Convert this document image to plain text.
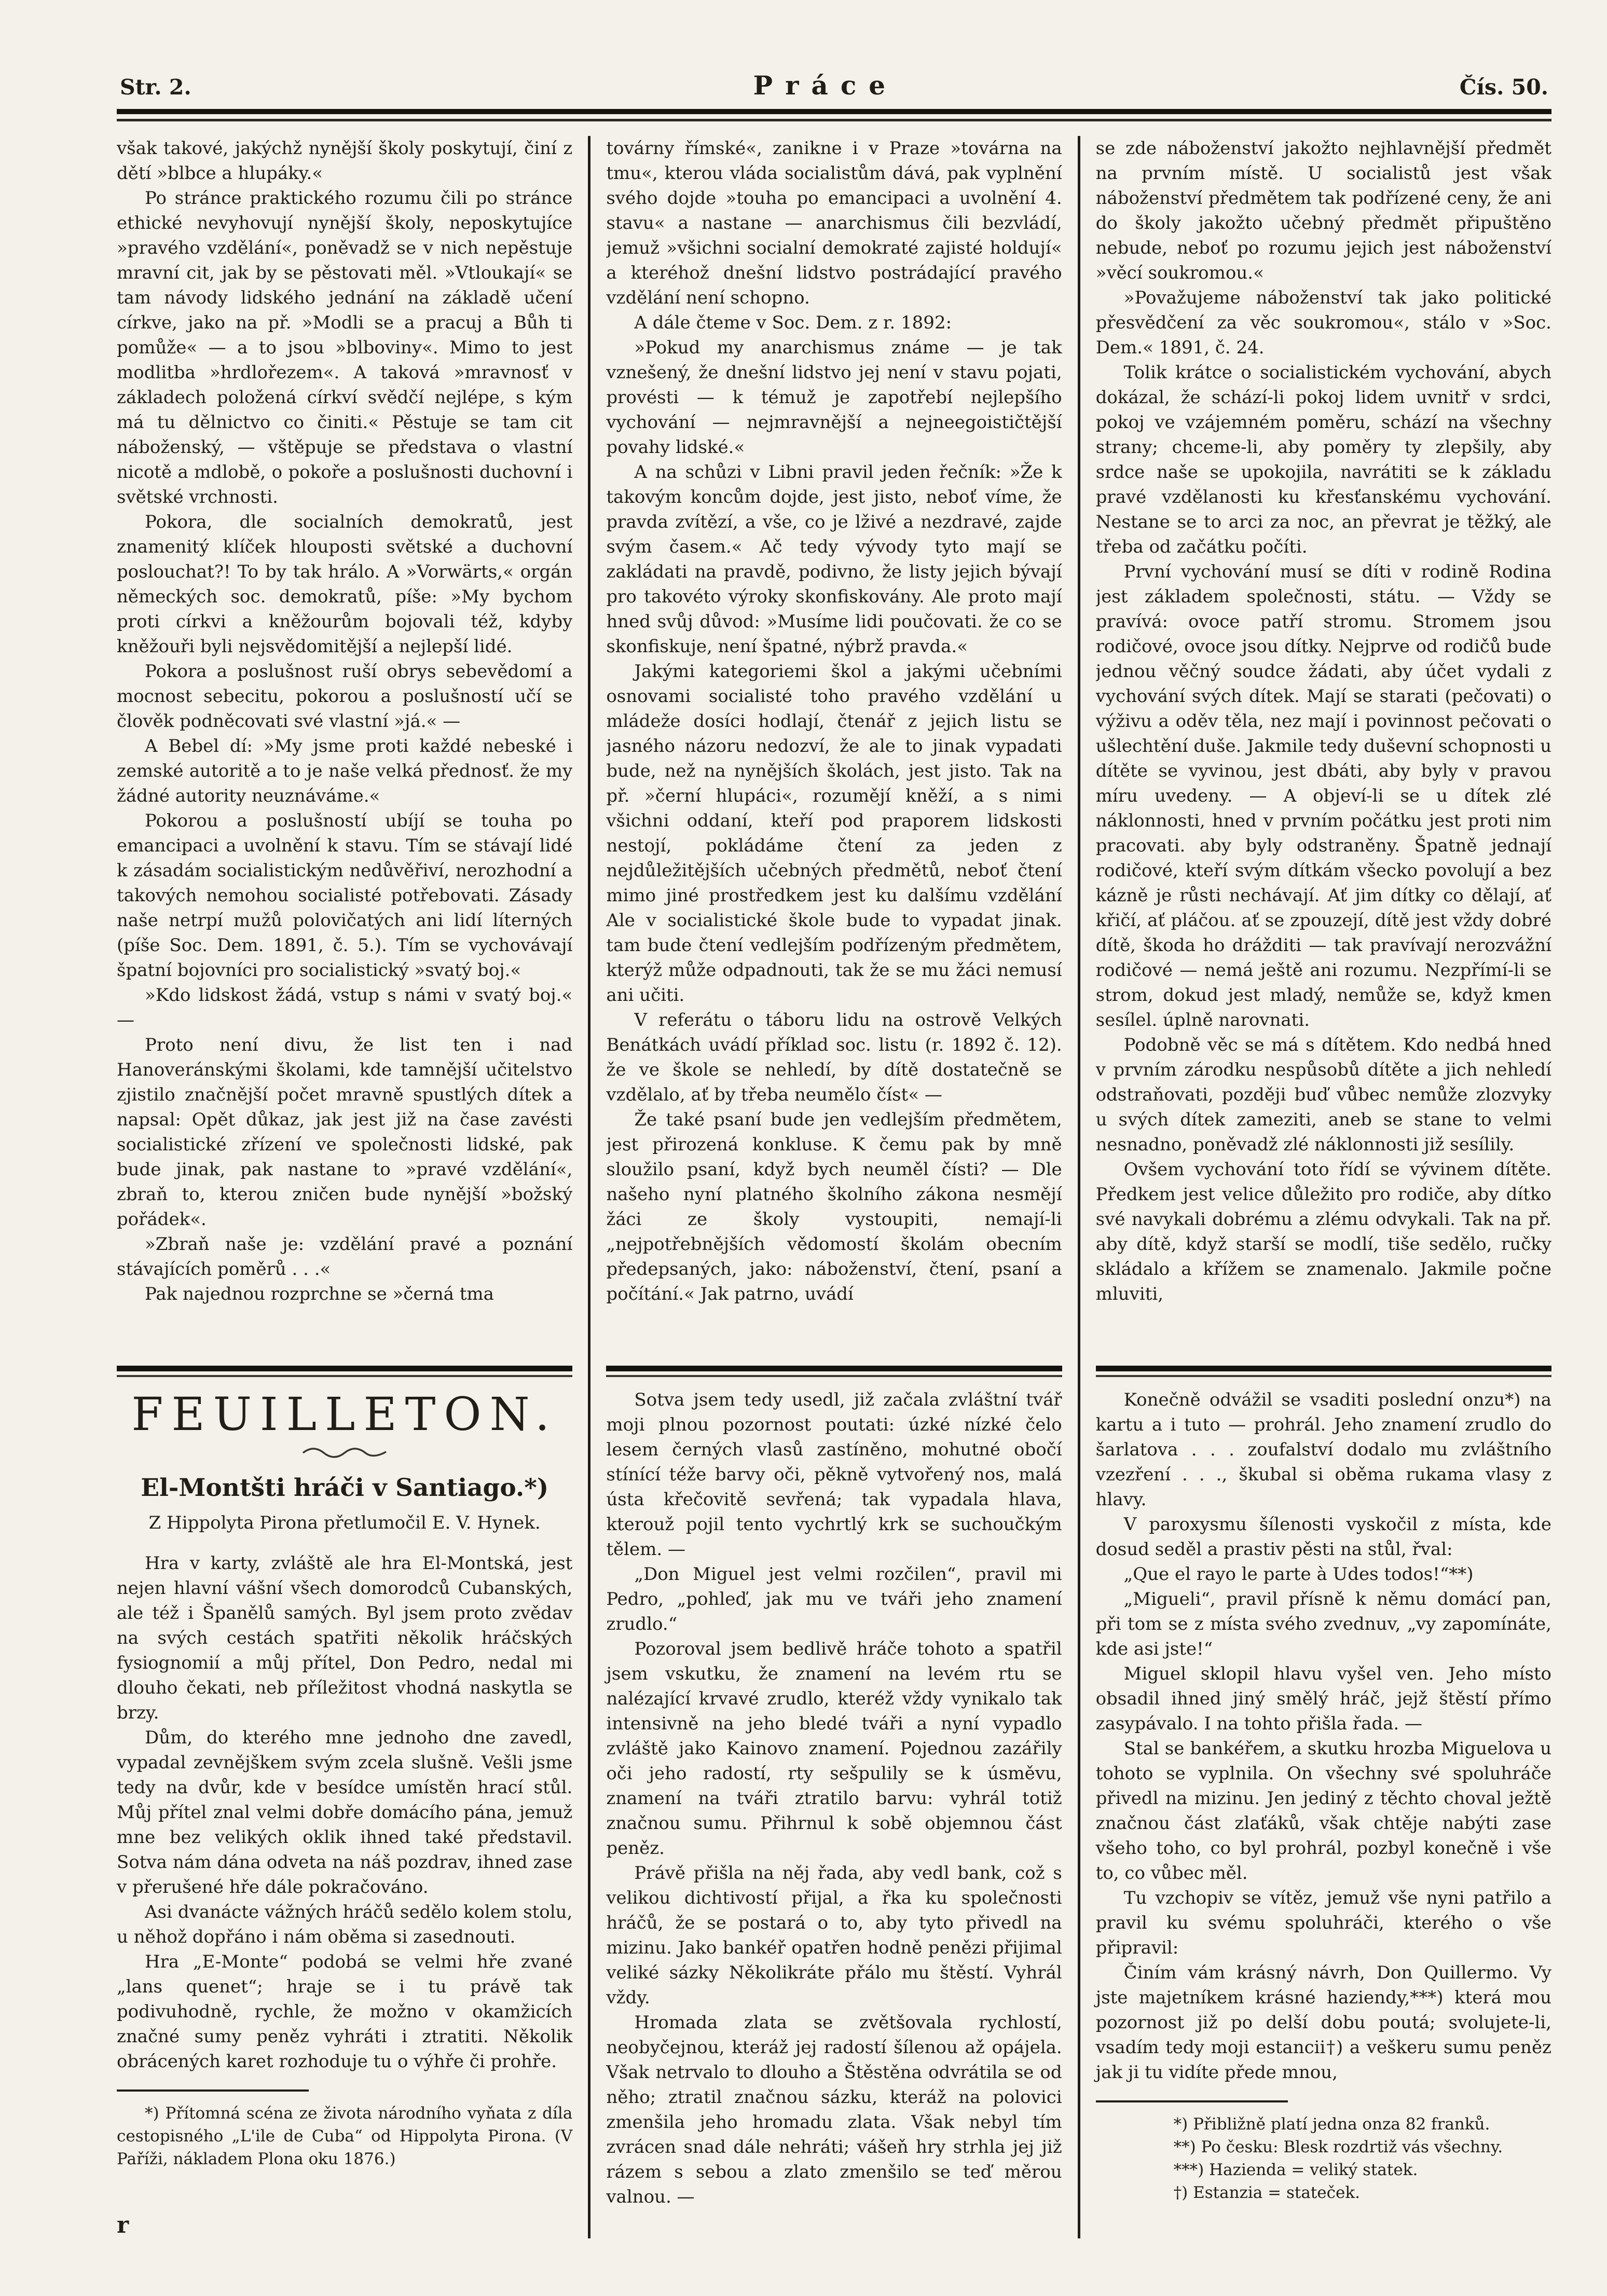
Str. 2.	Práce	Čís. 50.

však takové, jakýchž nynější školy poskytují, činí z dětí »blbce a hlupáky.«

Po stránce praktického rozumu čili po stránce ethické nevyhovují nynější školy, neposkytujíce »pravého vzdělání«, poněvadž se v nich nepěstuje mravní cit, jak by se pěstovati měl. »Vtloukají« se tam návody lidského jednání na základě učení církve, jako na př. »Modli se a pracuj a Bůh ti pomůže« — a to jsou »blboviny«. Mimo to jest modlitba »hrdlořezem«. A taková »mravnosť v základech položená církví svědčí nejlépe, s kým má tu dělnictvo co činiti.« Pěstuje se tam cit náboženský, — vštěpuje se představa o vlastní nicotě a mdlobě, o pokoře a poslušnosti duchovní i světské vrchnosti.

Pokora, dle socialních demokratů, jest znamenitý klíček hlouposti světské a duchovní poslouchat?! To by tak hrálo. A »Vorwärts,« orgán německých soc. demokratů, píše: »My bychom proti církvi a kněžourům bojovali též, kdyby kněžouři byli nejsvědomitější a nejlepší lidé.

Pokora a poslušnost ruší obrys sebevědomí a mocnost sebecitu, pokorou a poslušností učí se člověk podněcovati své vlastní »já.« —

A Bebel dí: »My jsme proti každé nebeské i zemské autoritě a to je naše velká přednosť. že my žádné autority neuznáváme.«

Pokorou a poslušností ubíjí se touha po emancipaci a uvolnění k stavu. Tím se stávají lidé k zásadám socialistickým nedůvěřiví, nerozhodní a takových nemohou socialisté potřebovati. Zásady naše netrpí mužů polovičatých ani lidí líterných (píše Soc. Dem. 1891, č. 5.). Tím se vychovávají špatní bojovníci pro socialistický »svatý boj.«

»Kdo lidskost žádá, vstup s námi v svatý boj.« —

Proto není divu, že list ten i nad Hanoveránskými školami, kde tamnější učitelstvo zjistilo značnější počet mravně spustlých dítek a napsal: Opět důkaz, jak jest již na čase zavésti socialistické zřízení ve společnosti lidské, pak bude jinak, pak nastane to »pravé vzdělání«, zbraň to, kterou zničen bude nynější »božský pořádek«.

»Zbraň naše je: vzdělání pravé a poznání stávajících poměrů . . .«

Pak najednou rozprchne se »černá tma

FEUILLETON.
El-Montšti hráči v Santiago.*)
Z Hippolyta Pirona přetlumočil E. V. Hynek.

Hra v karty, zvláště ale hra El-Montská, jest nejen hlavní vášní všech domorodců Cubanských, ale též i Španělů samých. Byl jsem proto zvědav na svých cestách spatřiti několik hráčských fysiognomií a můj přítel, Don Pedro, nedal mi dlouho čekati, neb příležitost vhodná naskytla se brzy.

Dům, do kterého mne jednoho dne zavedl, vypadal zevnějškem svým zcela slušně. Vešli jsme tedy na dvůr, kde v besídce umístěn hrací stůl. Můj přítel znal velmi dobře domácího pána, jemuž mne bez velikých oklik ihned také představil. Sotva nám dána odveta na náš pozdrav, ihned zase v přerušené hře dále pokračováno.

Asi dvanácte vážných hráčů sedělo kolem stolu, u něhož dopřáno i nám oběma si zasednouti.

Hra „E-Monte“ podobá se velmi hře zvané „lans quenet“; hraje se i tu právě tak podivuhodně, rychle, že možno v okamžicích značné sumy peněz vyhráti i ztratiti. Několik obrácených karet rozhoduje tu o výhře či prohře.

*) Přítomná scéna ze života národního vyňata z díla cestopisného „L'ile de Cuba“ od Hippolyta Pirona. (V Paříži, nákladem Plona oku 1876.)

r

továrny římské«, zanikne i v Praze »továrna na tmu«, kterou vláda socialistům dává, pak vyplnění svého dojde »touha po emancipaci a uvolnění 4. stavu« a nastane — anarchismus čili bezvládí, jemuž »všichni socialní demokraté zajisté holdují« a kteréhož dnešní lidstvo postrádající pravého vzdělání není schopno.

A dále čteme v Soc. Dem. z r. 1892:

»Pokud my anarchismus známe — je tak vznešený, že dnešní lidstvo jej není v stavu pojati, provésti — k témuž je zapotřebí nejlepšího vychování — nejmravnější a nejneegoističtější povahy lidské.«

A na schůzi v Libni pravil jeden řečník: »Že k takovým koncům dojde, jest jisto, neboť víme, že pravda zvítězí, a vše, co je lživé a nezdravé, zajde svým časem.« Ač tedy vývody tyto mají se zakládati na pravdě, podivno, že listy jejich bývají pro takovéto výroky skonfiskovány. Ale proto mají hned svůj důvod: »Musíme lidi poučovati. že co se skonfiskuje, není špatné, nýbrž pravda.«

Jakými kategoriemi škol a jakými učebními osnovami socialisté toho pravého vzdělání u mládeže dosíci hodlají, čtenář z jejich listu se jasného názoru nedozví, že ale to jinak vypadati bude, než na nynějších školách, jest jisto. Tak na př. »černí hlupáci«, rozumějí kněží, a s nimi všichni oddaní, kteří pod praporem lidskosti nestojí, pokládáme čtení za jeden z nejdůležitějších učebných předmětů, neboť čtení mimo jiné prostředkem jest ku dalšímu vzdělání Ale v socialistické škole bude to vypadat jinak. tam bude čtení vedlejším podřízeným předmětem, kterýž může odpadnouti, tak že se mu žáci nemusí ani učiti.

V referátu o táboru lidu na ostrově Velkých Benátkách uvádí příklad soc. listu (r. 1892 č. 12). že ve škole se nehledí, by dítě dostatečně se vzdělalo, ať by třeba neumělo číst« —

Že také psaní bude jen vedlejším předmětem, jest přirozená konkluse. K čemu pak by mně sloužilo psaní, když bych neuměl čísti? — Dle našeho nyní platného školního zákona nesmějí žáci ze školy vystoupiti, nemají-li „nejpotřebnějších vědomostí školám obecním předepsaných, jako: náboženství, čtení, psaní a počítání.« Jak patrno, uvádí

Sotva jsem tedy usedl, již začala zvláštní tvář moji plnou pozornost poutati: úzké nízké čelo lesem černých vlasů zastíněno, mohutné obočí stínící téže barvy oči, pěkně vytvořený nos, malá ústa křečovitě sevřená; tak vypadala hlava, kterouž pojil tento vychrtlý krk se suchoučkým tělem. —

„Don Miguel jest velmi rozčilen“, pravil mi Pedro, „pohleď, jak mu ve tváři jeho znamení zrudlo.“

Pozoroval jsem bedlivě hráče tohoto a spatřil jsem vskutku, že znamení na levém rtu se nalézající krvavé zrudlo, kteréž vždy vynikalo tak intensivně na jeho bledé tváři a nyní vypadlo zvláště jako Kainovo znamení. Pojednou zazářily oči jeho radostí, rty sešpulily se k úsměvu, znamení na tváři ztratilo barvu: vyhrál totiž značnou sumu. Přihrnul k sobě objemnou část peněz.

Právě přišla na něj řada, aby vedl bank, což s velikou dichtivostí přijal, a řka ku společnosti hráčů, že se postará o to, aby tyto přivedl na mizinu. Jako bankéř opatřen hodně penězi přijimal veliké sázky Několikráte přálo mu štěstí. Vyhrál vždy.

Hromada zlata se zvětšovala rychlostí, neobyčejnou, kteráž jej radostí šílenou až opájela. Však netrvalo to dlouho a Štěstěna odvrátila se od něho; ztratil značnou sázku, kteráž na polovici zmenšila jeho hromadu zlata. Však nebyl tím zvrácen snad dále nehráti; vášeň hry strhla jej již rázem s sebou a zlato zmenšilo se teď měrou valnou. —

se zde náboženství jakožto nejhlavnější předmět na prvním místě. U socialistů jest však náboženství předmětem tak podřízené ceny, že ani do školy jakožto učebný předmět připuštěno nebude, neboť po rozumu jejich jest náboženství »věcí soukromou.«

»Považujeme náboženství tak jako politické přesvědčení za věc soukromou«, stálo v »Soc. Dem.« 1891, č. 24.

Tolik krátce o socialistickém vychování, abych dokázal, že schází-li pokoj lidem uvnitř v srdci, pokoj ve vzájemném poměru, schází na všechny strany; chceme-li, aby poměry ty zlepšily, aby srdce naše se upokojila, navrátiti se k základu pravé vzdělanosti ku křesťanskému vychování. Nestane se to arci za noc, an převrat je těžký, ale třeba od začátku počíti.

První vychování musí se díti v rodině Rodina jest základem společnosti, státu. — Vždy se pravívá: ovoce patří stromu. Stromem jsou rodičové, ovoce jsou dítky. Nejprve od rodičů bude jednou věčný soudce žádati, aby účet vydali z vychování svých dítek. Mají se starati (pečovati) o výživu a oděv těla, nez mají i povinnost pečovati o ušlechtění duše. Jakmile tedy duševní schopnosti u dítěte se vyvinou, jest dbáti, aby byly v pravou míru uvedeny. — A objeví-li se u dítek zlé náklonnosti, hned v prvním počátku jest proti nim pracovati. aby byly odstraněny. Špatně jednají rodičové, kteří svým dítkám všecko povolují a bez kázně je růsti nechávají. Ať jim dítky co dělají, ať křičí, ať pláčou. ať se zpouzejí, dítě jest vždy dobré dítě, škoda ho drážditi — tak pravívají nerozvážní rodičové — nemá ještě ani rozumu. Nezpřímí-li se strom, dokud jest mladý, nemůže se, když kmen sesílel. úplně narovnati.

Podobně věc se má s dítětem. Kdo nedbá hned v prvním zárodku nespůsobů dítěte a jich nehledí odstraňovati, později buď vůbec nemůže zlozvyky u svých dítek zameziti, aneb se stane to velmi nesnadno, poněvadž zlé náklonnosti již sesílily.

Ovšem vychování toto řídí se vývinem dítěte. Předkem jest velice důležito pro rodiče, aby dítko své navykali dobrému a zlému odvykali. Tak na př. aby dítě, když starší se modlí, tiše sedělo, ručky skládalo a křížem se znamenalo. Jakmile počne mluviti,

Konečně odvážil se vsaditi poslední onzu*) na kartu a i tuto — prohrál. Jeho znamení zrudlo do šarlatova . . . zoufalství dodalo mu zvláštního vzezření . . ., škubal si oběma rukama vlasy z hlavy.

V paroxysmu šílenosti vyskočil z místa, kde dosud seděl a prastiv pěsti na stůl, řval:

„Que el rayo le parte à Udes todos!“**)

„Migueli“, pravil přísně k němu domácí pan, při tom se z místa svého zvednuv, „vy zapomínáte, kde asi jste!“

Miguel sklopil hlavu vyšel ven. Jeho místo obsadil ihned jiný smělý hráč, jejž štěstí přímo zasypávalo. I na tohto přišla řada. —

Stal se bankéřem, a skutku hrozba Miguelova u tohoto se vyplnila. On všechny své spoluhráče přivedl na mizinu. Jen jediný z těchto choval ježtě značnou část zlaťáků, však chtěje nabýti zase všeho toho, co byl prohrál, pozbyl konečně i vše to, co vůbec měl.

Tu vzchopiv se vítěz, jemuž vše nyni patřilo a pravil ku svému spoluhráči, kterého o vše připravil:

Činím vám krásný návrh, Don Quillermo. Vy jste majetníkem krásné haziendy,***) která mou pozornost již po delší dobu poutá; svolujete-li, vsadím tedy moji estancii†) a veškeru sumu peněz jak ji tu vidíte přede mnou,

*) Přibližně platí jedna onza 82 franků.

**) Po česku: Blesk rozdrtiž vás všechny.

***) Hazienda = veliký statek.

†) Estanzia = stateček.
